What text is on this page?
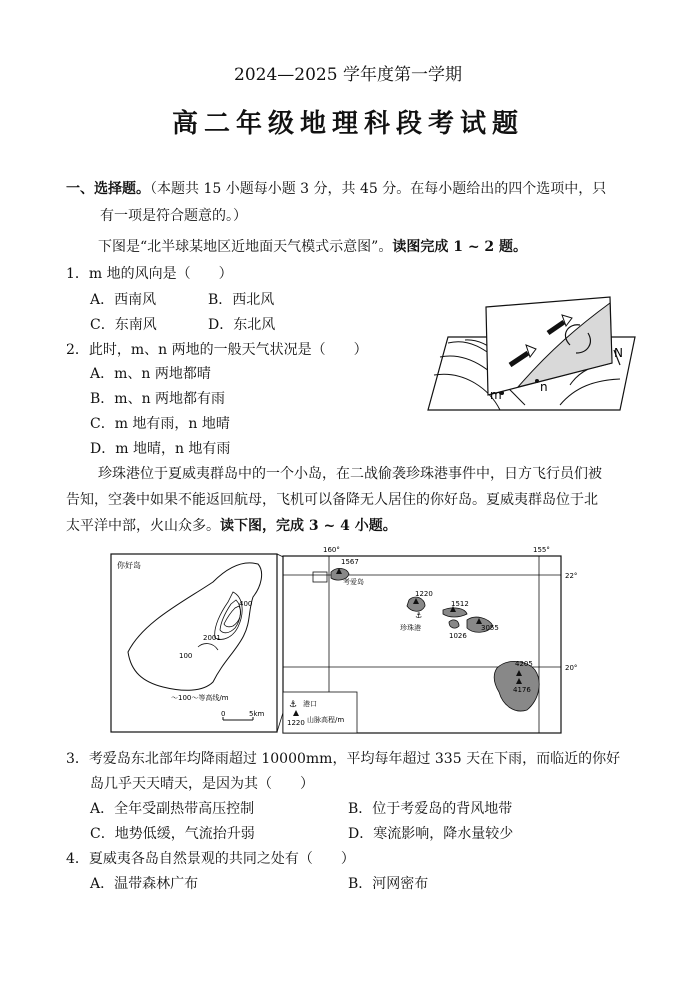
2024—2025 学年度第一学期
高二年级地理科段考试题
一、选择题。（本题共 15 小题每小题 3 分，共 45 分。在每小题给出的四个选项中，只
有一项是符合题意的。）
下图是“北半球某地区近地面天气模式示意图”。读图完成 1 ~ 2 题。
1．m 地的风向是（　　）
A．西南风	B．西北风
C．东南风	D．东北风
2．此时，m、n 两地的一般天气状况是（　　）
A．m、n 两地都晴
B．m、n 两地都有雨
C．m 地有雨，n 地晴
D．m 地晴，n 地有雨
m
n
N
珍珠港位于夏威夷群岛中的一个小岛，在二战偷袭珍珠港事件中，日方飞行员们被
告知，空袭中如果不能返回航母，飞机可以备降无人居住的你好岛。夏威夷群岛位于北
太平洋中部，火山众多。读下图，完成 3 ~ 4 小题。
你好岛
400
2001
100
～100～等高线/m
0	5km
160°	155°
22°
20°
1567
考爱岛
1220
⚓
珍珠港
1512
1026
3055
4205
4176
⚓ 港口
1220 山脉高程/m
3．考爱岛东北部年均降雨超过 10000mm，平均每年超过 335 天在下雨，而临近的你好
岛几乎天天晴天，是因为其（　　）
A．全年受副热带高压控制	B．位于考爱岛的背风地带
C．地势低缓，气流抬升弱	D．寒流影响，降水量较少
4．夏威夷各岛自然景观的共同之处有（　　）
A．温带森林广布	B．河网密布
